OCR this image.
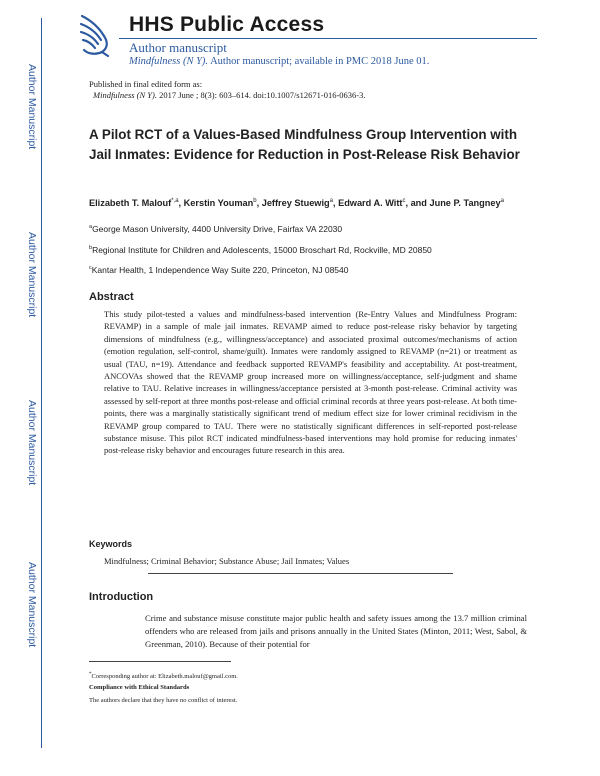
HHS Public Access
Author manuscript
Mindfulness (N Y). Author manuscript; available in PMC 2018 June 01.
Author Manuscript
Author Manuscript
Author Manuscript
Author Manuscript
Published in final edited form as:
Mindfulness (N Y). 2017 June ; 8(3): 603–614. doi:10.1007/s12671-016-0636-3.
A Pilot RCT of a Values-Based Mindfulness Group Intervention with Jail Inmates: Evidence for Reduction in Post-Release Risk Behavior
Elizabeth T. Malouf$^{*,a}$, Kerstin Youman$^b$, Jeffrey Stuewig$^a$, Edward A. Witt$^c$, and June P. Tangney$^a$
$^a$George Mason University, 4400 University Drive, Fairfax VA 22030
$^b$Regional Institute for Children and Adolescents, 15000 Broschart Rd, Rockville, MD 20850
$^c$Kantar Health, 1 Independence Way Suite 220, Princeton, NJ 08540
Abstract
This study pilot-tested a values and mindfulness-based intervention (Re-Entry Values and Mindfulness Program: REVAMP) in a sample of male jail inmates. REVAMP aimed to reduce post-release risky behavior by targeting dimensions of mindfulness (e.g., willingness/acceptance) and associated proximal outcomes/mechanisms of action (emotion regulation, self-control, shame/guilt). Inmates were randomly assigned to REVAMP (n=21) or treatment as usual (TAU, n=19). Attendance and feedback supported REVAMP's feasibility and acceptability. At post-treatment, ANCOVAs showed that the REVAMP group increased more on willingness/acceptance, self-judgment and shame relative to TAU. Relative increases in willingness/acceptance persisted at 3-month post-release. Criminal activity was assessed by self-report at three months post-release and official criminal records at three years post-release. At both time-points, there was a marginally statistically significant trend of medium effect size for lower criminal recidivism in the REVAMP group compared to TAU. There were no statistically significant differences in self-reported post-release substance misuse. This pilot RCT indicated mindfulness-based interventions may hold promise for reducing inmates' post-release risky behavior and encourages future research in this area.
Keywords
Mindfulness; Criminal Behavior; Substance Abuse; Jail Inmates; Values
Introduction
Crime and substance misuse constitute major public health and safety issues among the 13.7 million criminal offenders who are released from jails and prisons annually in the United States (Minton, 2011; West, Sabol, & Greenman, 2010). Because of their potential for
*Corresponding author at: Elizabeth.malouf@gmail.com.
Compliance with Ethical Standards
The authors declare that they have no conflict of interest.
